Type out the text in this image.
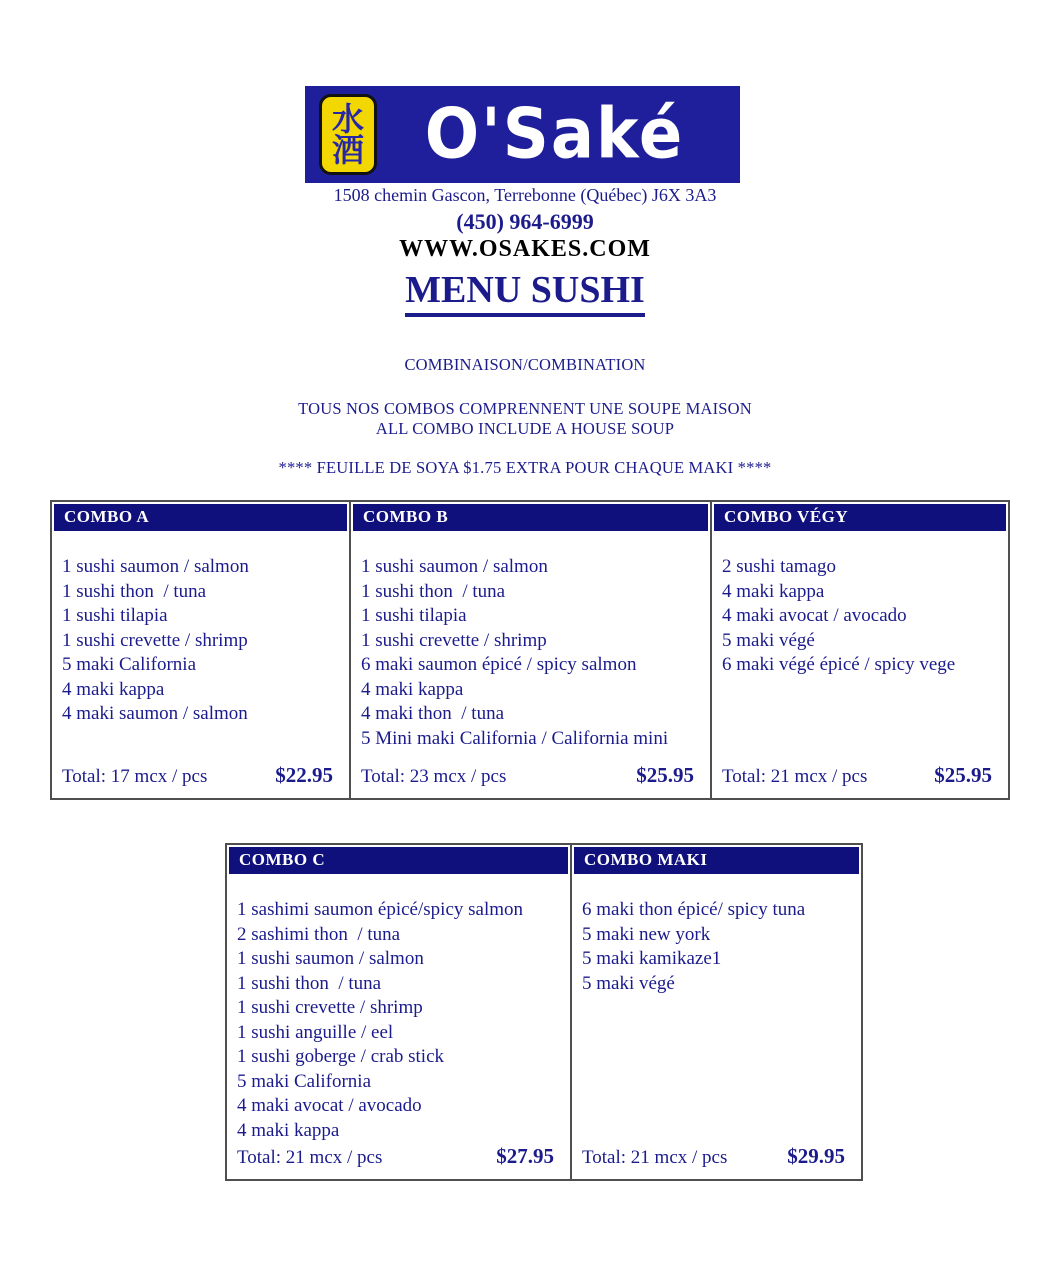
水
酒 O'Saké
1508 chemin Gascon, Terrebonne (Québec) J6X 3A3
(450) 964-6999
WWW.OSAKES.COM
MENU SUSHI
COMBINAISON/COMBINATION
TOUS NOS COMBOS COMPRENNENT UNE SOUPE MAISON
ALL COMBO INCLUDE A HOUSE SOUP
**** FEUILLE DE SOYA $1.75 EXTRA POUR CHAQUE MAKI ****
COMBO A
1 sushi saumon / salmon
1 sushi thon  / tuna
1 sushi tilapia
1 sushi crevette / shrimp
5 maki California
4 maki kappa
4 maki saumon / salmon
Total: 17 mcx / pcs	$22.95
COMBO B
1 sushi saumon / salmon
1 sushi thon  / tuna
1 sushi tilapia
1 sushi crevette / shrimp
6 maki saumon épicé / spicy salmon
4 maki kappa
4 maki thon  / tuna
5 Mini maki California / California mini
Total: 23 mcx / pcs	$25.95
COMBO VÉGY
2 sushi tamago
4 maki kappa
4 maki avocat / avocado
5 maki végé
6 maki végé épicé / spicy vege
Total: 21 mcx / pcs	$25.95
COMBO C
1 sashimi saumon épicé/spicy salmon
2 sashimi thon  / tuna
1 sushi saumon / salmon
1 sushi thon  / tuna
1 sushi crevette / shrimp
1 sushi anguille / eel
1 sushi goberge / crab stick
5 maki California
4 maki avocat / avocado
4 maki kappa
Total: 21 mcx / pcs	$27.95
COMBO MAKI
6 maki thon épicé/ spicy tuna
5 maki new york
5 maki kamikaze1
5 maki végé
Total: 21 mcx / pcs	$29.95
